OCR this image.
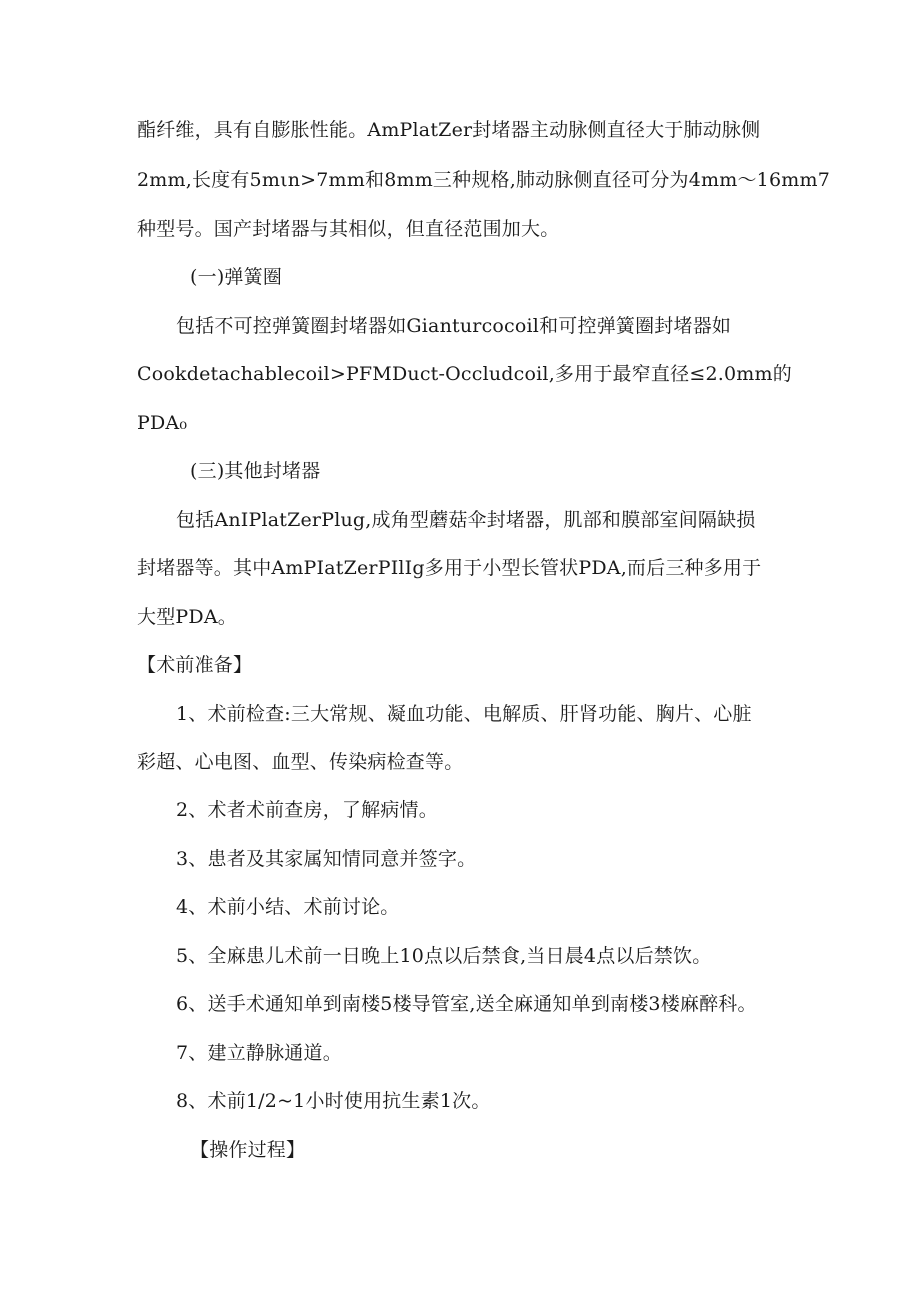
酯纤维，具有自膨胀性能。AmPlatZer封堵器主动脉侧直径大于肺动脉侧
2mm,长度有5mιn>7mm和8mm三种规格,肺动脉侧直径可分为4mm～16mm7
种型号。国产封堵器与其相似，但直径范围加大。
(一)弹簧圈
包括不可控弹簧圈封堵器如Gianturcocoil和可控弹簧圈封堵器如
Cookdetachablecoil>PFMDuct-Occludcoil,多用于最窄直径≤2.0mm的
PDA₀
(三)其他封堵器
包括AnIPlatZerPlug,成角型蘑菇伞封堵器，肌部和膜部室间隔缺损
封堵器等。其中AmPIatZerPIlIg多用于小型长管状PDA,而后三种多用于
大型PDA。
【术前准备】
1、术前检查:三大常规、凝血功能、电解质、肝肾功能、胸片、心脏
彩超、心电图、血型、传染病检查等。
2、术者术前查房，了解病情。
3、患者及其家属知情同意并签字。
4、术前小结、术前讨论。
5、全麻患儿术前一日晚上10点以后禁食,当日晨4点以后禁饮。
6、送手术通知单到南楼5楼导管室,送全麻通知单到南楼3楼麻醉科。
7、建立静脉通道。
8、术前1/2~1小时使用抗生素1次。
【操作过程】
